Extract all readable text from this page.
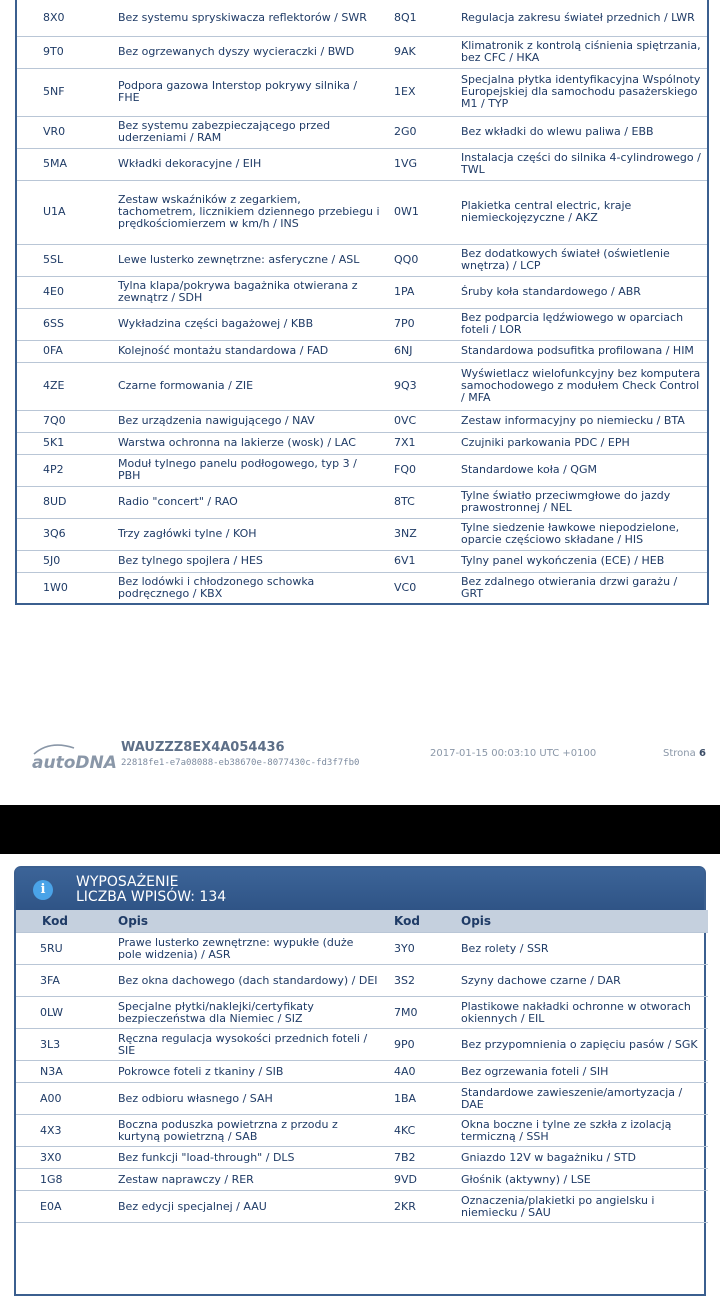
8X0	Bez systemu spryskiwacza reflektorów / SWR	8Q1	Regulacja zakresu świateł przednich / LWR
9T0	Bez ogrzewanych dyszy wycieraczki / BWD	9AK	Klimatronik z kontrolą ciśnienia spiętrzania, bez CFC / HKA
5NF	Podpora gazowa Interstop pokrywy silnika / FHE	1EX	Specjalna płytka identyfikacyjna Wspólnoty Europejskiej dla samochodu pasażerskiego M1 / TYP
VR0	Bez systemu zabezpieczającego przed uderzeniami / RAM	2G0	Bez wkładki do wlewu paliwa / EBB
5MA	Wkładki dekoracyjne / EIH	1VG	Instalacja części do silnika 4-cylindrowego / TWL
U1A	Zestaw wskaźników z zegarkiem, tachometrem, licznikiem dziennego przebiegu i prędkościomierzem w km/h / INS	0W1	Plakietka central electric, kraje niemieckojęzyczne / AKZ
5SL	Lewe lusterko zewnętrzne: asferyczne / ASL	QQ0	Bez dodatkowych świateł (oświetlenie wnętrza) / LCP
4E0	Tylna klapa/pokrywa bagażnika otwierana z zewnątrz / SDH	1PA	Śruby koła standardowego / ABR
6SS	Wykładzina części bagażowej / KBB	7P0	Bez podparcia lędźwiowego w oparciach foteli / LOR
0FA	Kolejność montażu standardowa / FAD	6NJ	Standardowa podsufitka profilowana / HIM
4ZE	Czarne formowania / ZIE	9Q3	Wyświetlacz wielofunkcyjny bez komputera samochodowego z modułem Check Control / MFA
7Q0	Bez urządzenia nawigującego / NAV	0VC	Zestaw informacyjny po niemiecku / BTA
5K1	Warstwa ochronna na lakierze (wosk) / LAC	7X1	Czujniki parkowania PDC / EPH
4P2	Moduł tylnego panelu podłogowego, typ 3 / PBH	FQ0	Standardowe koła / QGM
8UD	Radio "concert" / RAO	8TC	Tylne światło przeciwmgłowe do jazdy prawostronnej / NEL
3Q6	Trzy zagłówki tylne / KOH	3NZ	Tylne siedzenie ławkowe niepodzielone, oparcie częściowo składane / HIS
5J0	Bez tylnego spojlera / HES	6V1	Tylny panel wykończenia (ECE) / HEB
1W0	Bez lodówki i chłodzonego schowka podręcznego / KBX	VC0	Bez zdalnego otwierania drzwi garażu / GRT
autoDNA
WAUZZZ8EX4A054436
22818fe1-e7a08088-eb38670e-8077430c-fd3f7fb0
2017-01-15 00:03:10 UTC +0100	Strona 6
i	WYPOSAŻENIE
LICZBA WPISÓW: 134
Kod	Opis	Kod	Opis
5RU	Prawe lusterko zewnętrzne: wypukłe (duże pole widzenia) / ASR	3Y0	Bez rolety / SSR
3FA	Bez okna dachowego (dach standardowy) / DEI	3S2	Szyny dachowe czarne / DAR
0LW	Specjalne płytki/naklejki/certyfikaty bezpieczeństwa dla Niemiec / SIZ	7M0	Plastikowe nakładki ochronne w otworach okiennych / EIL
3L3	Ręczna regulacja wysokości przednich foteli / SIE	9P0	Bez przypomnienia o zapięciu pasów / SGK
N3A	Pokrowce foteli z tkaniny / SIB	4A0	Bez ogrzewania foteli / SIH
A00	Bez odbioru własnego / SAH	1BA	Standardowe zawieszenie/amortyzacja / DAE
4X3	Boczna poduszka powietrzna z przodu z kurtyną powietrzną / SAB	4KC	Okna boczne i tylne ze szkła z izolacją termiczną / SSH
3X0	Bez funkcji "load-through" / DLS	7B2	Gniazdo 12V w bagażniku / STD
1G8	Zestaw naprawczy / RER	9VD	Głośnik (aktywny) / LSE
E0A	Bez edycji specjalnej / AAU	2KR	Oznaczenia/plakietki po angielsku i niemiecku / SAU
